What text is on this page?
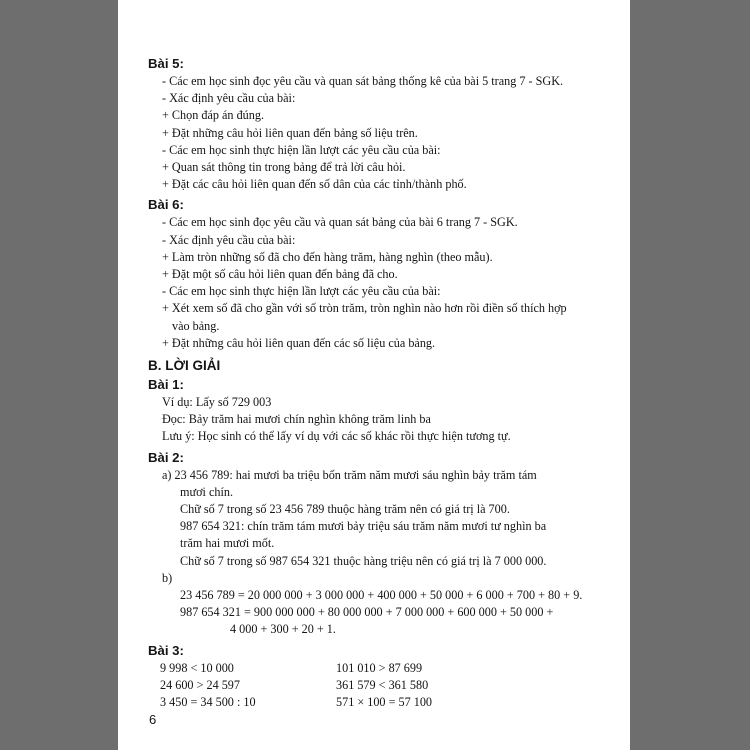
Bài 5:
- Các em học sinh đọc yêu cầu và quan sát bảng thống kê của bài 5 trang 7 - SGK.
- Xác định yêu cầu của bài:
+ Chọn đáp án đúng.
+ Đặt những câu hỏi liên quan đến bảng số liệu trên.
- Các em học sinh thực hiện lần lượt các yêu cầu của bài:
+ Quan sát thông tin trong bảng để trả lời câu hỏi.
+ Đặt các câu hỏi liên quan đến số dân của các tỉnh/thành phố.
Bài 6:
- Các em học sinh đọc yêu cầu và quan sát bảng của bài 6 trang 7 - SGK.
- Xác định yêu cầu của bài:
+ Làm tròn những số đã cho đến hàng trăm, hàng nghìn (theo mẫu).
+ Đặt một số câu hỏi liên quan đến bảng đã cho.
- Các em học sinh thực hiện lần lượt các yêu cầu của bài:
+ Xét xem số đã cho gần với số tròn trăm, tròn nghìn nào hơn rồi điền số thích hợp vào bảng.
+ Đặt những câu hỏi liên quan đến các số liệu của bảng.
B. LỜI GIẢI
Bài 1:
Ví dụ: Lấy số 729 003
Đọc: Bảy trăm hai mươi chín nghìn không trăm linh ba
Lưu ý: Học sinh có thể lấy ví dụ với các số khác rồi thực hiện tương tự.
Bài 2:
a) 23 456 789: hai mươi ba triệu bốn trăm năm mươi sáu nghìn bảy trăm tám
mươi chín.
Chữ số 7 trong số 23 456 789 thuộc hàng trăm nên có giá trị là 700.
987 654 321: chín trăm tám mươi bảy triệu sáu trăm năm mươi tư nghìn ba
trăm hai mươi mốt.
Chữ số 7 trong số 987 654 321 thuộc hàng triệu nên có giá trị là 7 000 000.
b)
23 456 789 = 20 000 000 + 3 000 000 + 400 000 + 50 000 + 6 000 + 700 + 80 + 9.
987 654 321 = 900 000 000 + 80 000 000 + 7 000 000 + 600 000 + 50 000 +
4 000 + 300 + 20 + 1.
Bài 3:
9 998 < 10 000	101 010 > 87 699
24 600 > 24 597	361 579 < 361 580
3 450 = 34 500 : 10	571 × 100 = 57 100
6
